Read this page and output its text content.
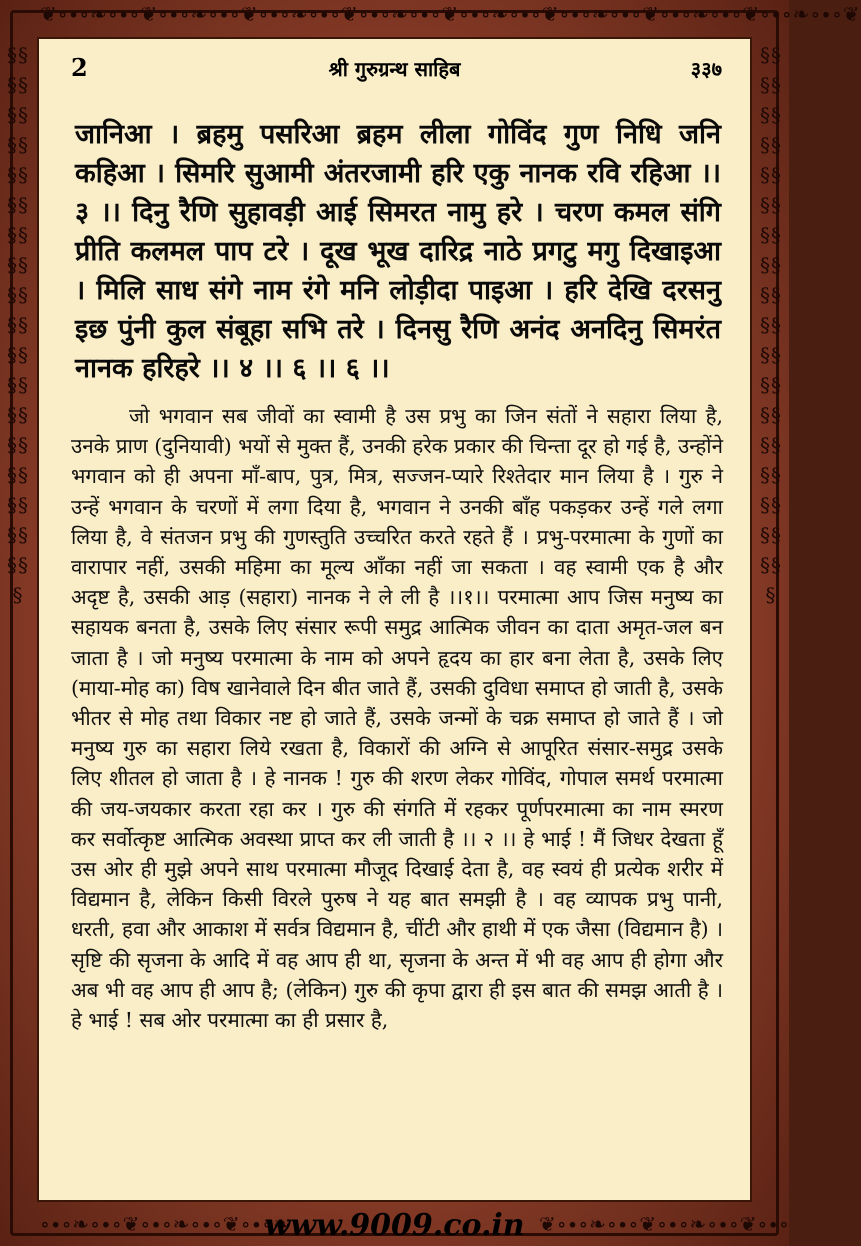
❦∘∙∘❧∘∙∘❦∘∙∘❧∘∙∘❦∘∙∘❧∘∙∘❦∘∙∘❧∘∙∘❦∘∙∘❧∘∙∘❦∘∙∘❧∘∙∘❦∘∙∘❧∘∙∘❦∘∙∘❧∘∙∘❦
∘∙∘❧∘∙∘❦∘∙∘❧∘∙∘❦∘∙∘❧	❦∘∙∘❧∘∙∘❦∘∙∘❧∘∙∘❦∘∙∘
§§§§§§§§§§§§§§§§§§§§§§§§§§§§§§§§§§§§§
§§§§§§§§§§§§§§§§§§§§§§§§§§§§§§§§§§§§§
2	श्री गुरुग्रन्थ साहिब	३३७
जानिआ । ब्रहमु पसरिआ ब्रहम लीला गोविंद गुण निधि जनि कहिआ । सिमरि सुआमी अंतरजामी हरि एकु नानक रवि रहिआ ।। ३ ।। दिनु रैणि सुहावड़ी आई सिमरत नामु हरे । चरण कमल संगि प्रीति कलमल पाप टरे । दूख भूख दारिद्र नाठे प्रगटु मगु दिखाइआ । मिलि साध संगे नाम रंगे मनि लोड़ीदा पाइआ । हरि देखि दरसनु इछ पुंनी कुल संबूहा सभि तरे । दिनसु रैणि अनंद अनदिनु सिमरंत नानक हरिहरे ।। ४ ।। ६ ।। ६ ।।
जो भगवान सब जीवों का स्वामी है उस प्रभु का जिन संतों ने सहारा लिया है, उनके प्राण (दुनियावी) भयों से मुक्त हैं, उनकी हरेक प्रकार की चिन्ता दूर हो गई है, उन्होंने भगवान को ही अपना माँ-बाप, पुत्र, मित्र, सज्जन-प्यारे रिश्तेदार मान लिया है । गुरु ने उन्हें भगवान के चरणों में लगा दिया है, भगवान ने उनकी बाँह पकड़कर उन्हें गले लगा लिया है, वे संतजन प्रभु की गुणस्तुति उच्चरित करते रहते हैं । प्रभु-परमात्मा के गुणों का वारापार नहीं, उसकी महिमा का मूल्य आँका नहीं जा सकता । वह स्वामी एक है और अदृष्ट है, उसकी आड़ (सहारा) नानक ने ले ली है ।।१।। परमात्मा आप जिस मनुष्य का सहायक बनता है, उसके लिए संसार रूपी समुद्र आत्मिक जीवन का दाता अमृत-जल बन जाता है । जो मनुष्य परमात्मा के नाम को अपने हृदय का हार बना लेता है, उसके लिए (माया-मोह का) विष खानेवाले दिन बीत जाते हैं, उसकी दुविधा समाप्त हो जाती है, उसके भीतर से मोह तथा विकार नष्ट हो जाते हैं, उसके जन्मों के चक्र समाप्त हो जाते हैं । जो मनुष्य गुरु का सहारा लिये रखता है, विकारों की अग्नि से आपूरित संसार-समुद्र उसके लिए शीतल हो जाता है । हे नानक ! गुरु की शरण लेकर गोविंद, गोपाल समर्थ परमात्मा की जय-जयकार करता रहा कर । गुरु की संगति में रहकर पूर्णपरमात्मा का नाम स्मरण कर सर्वोत्कृष्ट आत्मिक अवस्था प्राप्त कर ली जाती है ।। २ ।। हे भाई ! मैं जिधर देखता हूँ उस ओर ही मुझे अपने साथ परमात्मा मौजूद दिखाई देता है, वह स्वयं ही प्रत्येक शरीर में विद्यमान है, लेकिन किसी विरले पुरुष ने यह बात समझी है । वह व्यापक प्रभु पानी, धरती, हवा और आकाश में सर्वत्र विद्यमान है, चींटी और हाथी में एक जैसा (विद्यमान है) । सृष्टि की सृजना के आदि में वह आप ही था, सृजना के अन्त में भी वह आप ही होगा और अब भी वह आप ही आप है; (लेकिन) गुरु की कृपा द्वारा ही इस बात की समझ आती है । हे भाई ! सब ओर परमात्मा का ही प्रसार है,
www.9009.co.in
